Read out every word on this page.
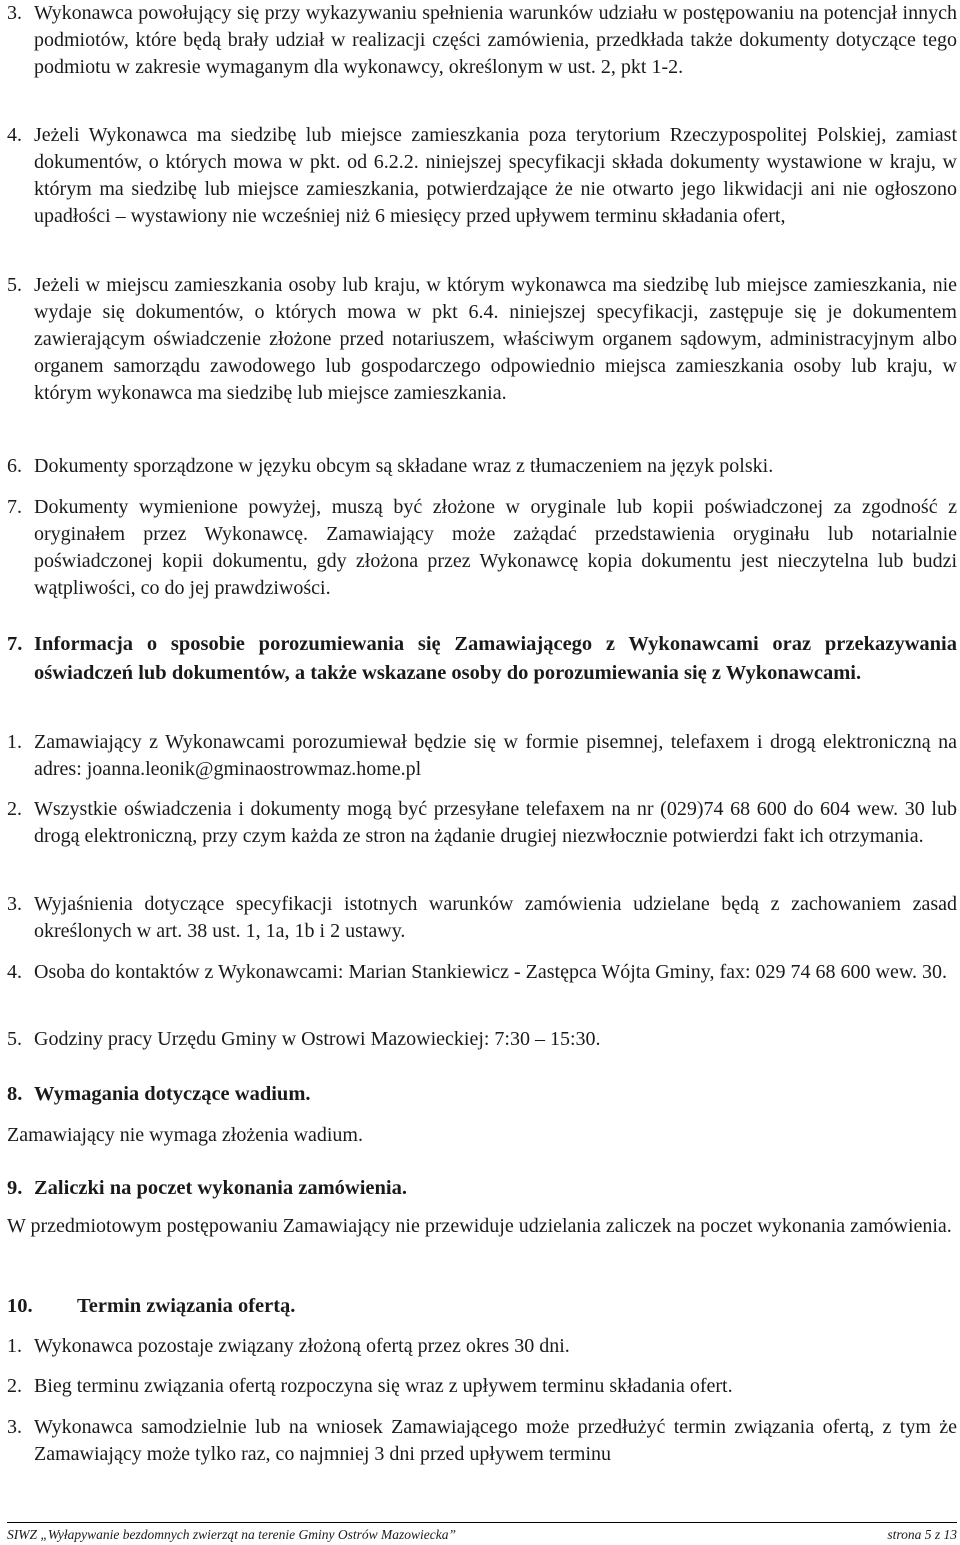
3. Wykonawca powołujący się przy wykazywaniu spełnienia warunków udziału w postępowaniu na potencjał innych podmiotów, które będą brały udział w realizacji części zamówienia, przedkłada także dokumenty dotyczące tego podmiotu w zakresie wymaganym dla wykonawcy, określonym w ust. 2, pkt 1-2.
4. Jeżeli Wykonawca ma siedzibę lub miejsce zamieszkania poza terytorium Rzeczypospolitej Polskiej, zamiast dokumentów, o których mowa w pkt. od 6.2.2. niniejszej specyfikacji składa dokumenty wystawione w kraju, w którym ma siedzibę lub miejsce zamieszkania, potwierdzające że nie otwarto jego likwidacji ani nie ogłoszono upadłości – wystawiony nie wcześniej niż 6 miesięcy przed upływem terminu składania ofert,
5. Jeżeli w miejscu zamieszkania osoby lub kraju, w którym wykonawca ma siedzibę lub miejsce zamieszkania, nie wydaje się dokumentów, o których mowa w pkt 6.4. niniejszej specyfikacji, zastępuje się je dokumentem zawierającym oświadczenie złożone przed notariuszem, właściwym organem sądowym, administracyjnym albo organem samorządu zawodowego lub gospodarczego odpowiednio miejsca zamieszkania osoby lub kraju, w którym wykonawca ma siedzibę lub miejsce zamieszkania.
6. Dokumenty sporządzone w języku obcym są składane wraz z tłumaczeniem na język polski.
7. Dokumenty wymienione powyżej, muszą być złożone w oryginale lub kopii poświadczonej za zgodność z oryginałem przez Wykonawcę. Zamawiający może zażądać przedstawienia oryginału lub notarialnie poświadczonej kopii dokumentu, gdy złożona przez Wykonawcę kopia dokumentu jest nieczytelna lub budzi wątpliwości, co do jej prawdziwości.
7. Informacja o sposobie porozumiewania się Zamawiającego z Wykonawcami oraz przekazywania oświadczeń lub dokumentów, a także wskazane osoby do porozumiewania się z Wykonawcami.
1. Zamawiający z Wykonawcami porozumiewał będzie się w formie pisemnej, telefaxem i drogą elektroniczną na adres: joanna.leonik@gminaostrowmaz.home.pl
2. Wszystkie oświadczenia i dokumenty mogą być przesyłane telefaxem na nr (029)74 68 600 do 604 wew. 30 lub drogą elektroniczną, przy czym każda ze stron na żądanie drugiej niezwłocznie potwierdzi fakt ich otrzymania.
3. Wyjaśnienia dotyczące specyfikacji istotnych warunków zamówienia udzielane będą z zachowaniem zasad określonych w art. 38 ust. 1, 1a, 1b i 2 ustawy.
4. Osoba do kontaktów z Wykonawcami: Marian Stankiewicz - Zastępca Wójta Gminy, fax: 029 74 68 600 wew. 30.
5. Godziny pracy Urzędu Gminy w Ostrowi Mazowieckiej: 7:30 – 15:30.
8. Wymagania dotyczące wadium.
Zamawiający nie wymaga złożenia wadium.
9. Zaliczki na poczet wykonania zamówienia.
W przedmiotowym postępowaniu Zamawiający nie przewiduje udzielania zaliczek na poczet wykonania zamówienia.
10.	Termin związania ofertą.
1. Wykonawca pozostaje związany złożoną ofertą przez okres 30 dni.
2. Bieg terminu związania ofertą rozpoczyna się wraz z upływem terminu składania ofert.
3. Wykonawca samodzielnie lub na wniosek Zamawiającego może przedłużyć termin związania ofertą, z tym że Zamawiający może tylko raz, co najmniej 3 dni przed upływem terminu
SIWZ „Wyłapywanie bezdomnych zwierząt na terenie Gminy Ostrów Mazowiecka”	strona 5 z 13
